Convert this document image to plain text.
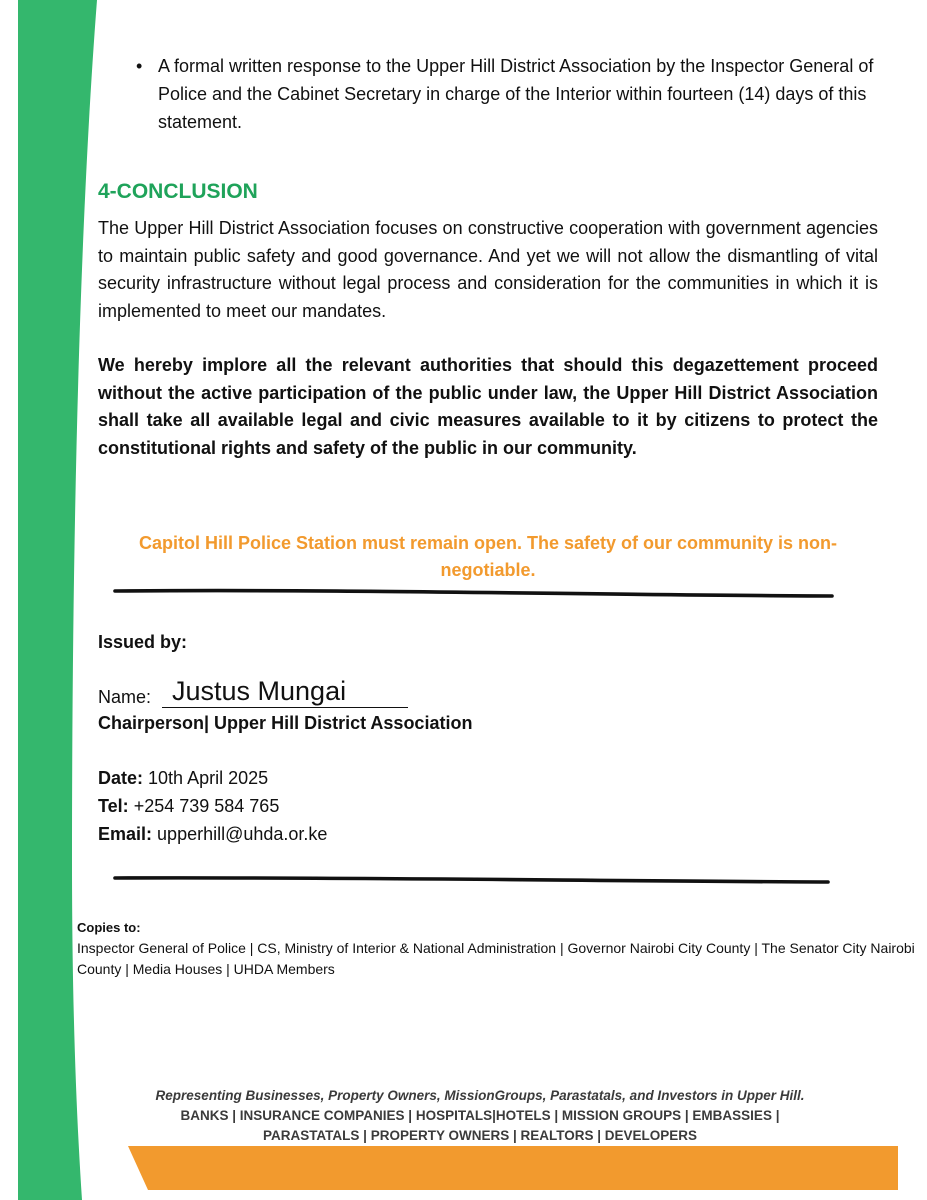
• A formal written response to the Upper Hill District Association by the Inspector General of Police and the Cabinet Secretary in charge of the Interior within fourteen (14) days of this statement.
4-CONCLUSION
The Upper Hill District Association focuses on constructive cooperation with government agencies to maintain public safety and good governance. And yet we will not allow the dismantling of vital security infrastructure without legal process and consideration for the communities in which it is implemented to meet our mandates.
We hereby implore all the relevant authorities that should this degazettement proceed without the active participation of the public under law, the Upper Hill District Association shall take all available legal and civic measures available to it by citizens to protect the constitutional rights and safety of the public in our community.
Capitol Hill Police Station must remain open. The safety of our community is non-negotiable.
Issued by:
Name: Justus Mungai
Chairperson| Upper Hill District Association
Date: 10th April 2025
Tel: +254 739 584 765
Email: upperhill@uhda.or.ke
Copies to:
Inspector General of Police | CS, Ministry of Interior & National Administration | Governor Nairobi City County | The Senator City Nairobi County | Media Houses | UHDA Members
Representing Businesses, Property Owners, MissionGroups, Parastatals, and Investors in Upper Hill.
BANKS | INSURANCE COMPANIES | HOSPITALS|HOTELS | MISSION GROUPS | EMBASSIES |
PARASTATALS | PROPERTY OWNERS | REALTORS | DEVELOPERS
